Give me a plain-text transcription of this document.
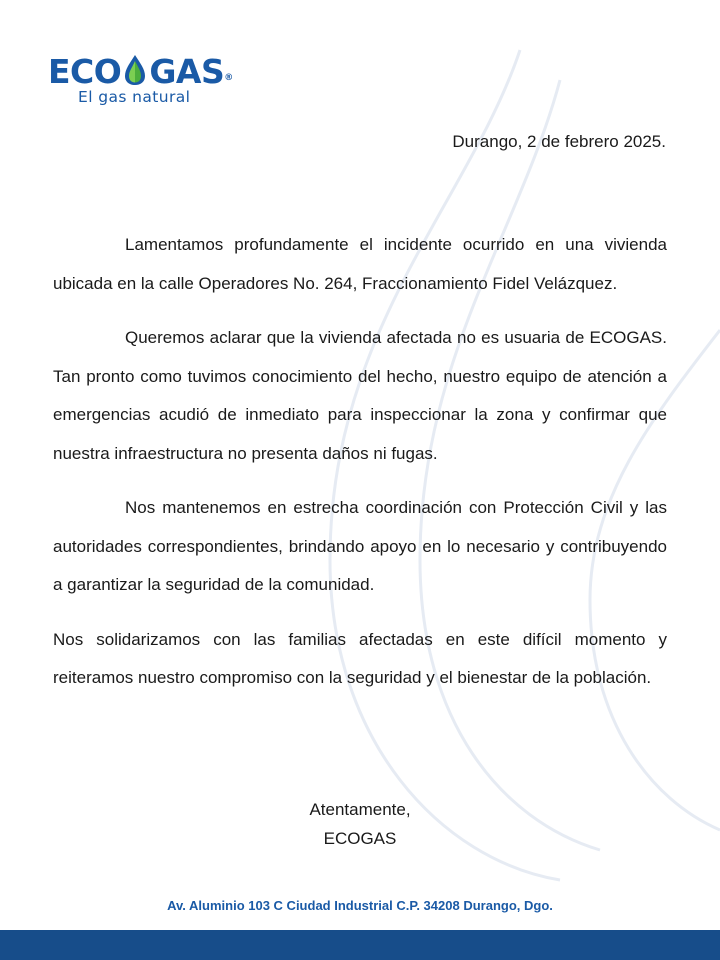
ECO GAS®
El gas natural
Durango, 2 de febrero 2025.

Lamentamos profundamente el incidente ocurrido en una vivienda ubicada en la calle Operadores No. 264, Fraccionamiento Fidel Velázquez.

Queremos aclarar que la vivienda afectada no es usuaria de ECOGAS. Tan pronto como tuvimos conocimiento del hecho, nuestro equipo de atención a emergencias acudió de inmediato para inspeccionar la zona y confirmar que nuestra infraestructura no presenta daños ni fugas.

Nos mantenemos en estrecha coordinación con Protección Civil y las autoridades correspondientes, brindando apoyo en lo necesario y contribuyendo a garantizar la seguridad de la comunidad.

Nos solidarizamos con las familias afectadas en este difícil momento y reiteramos nuestro compromiso con la seguridad y el bienestar de la población.

Atentamente,
ECOGAS
Av. Aluminio 103 C Ciudad Industrial C.P. 34208 Durango, Dgo.
